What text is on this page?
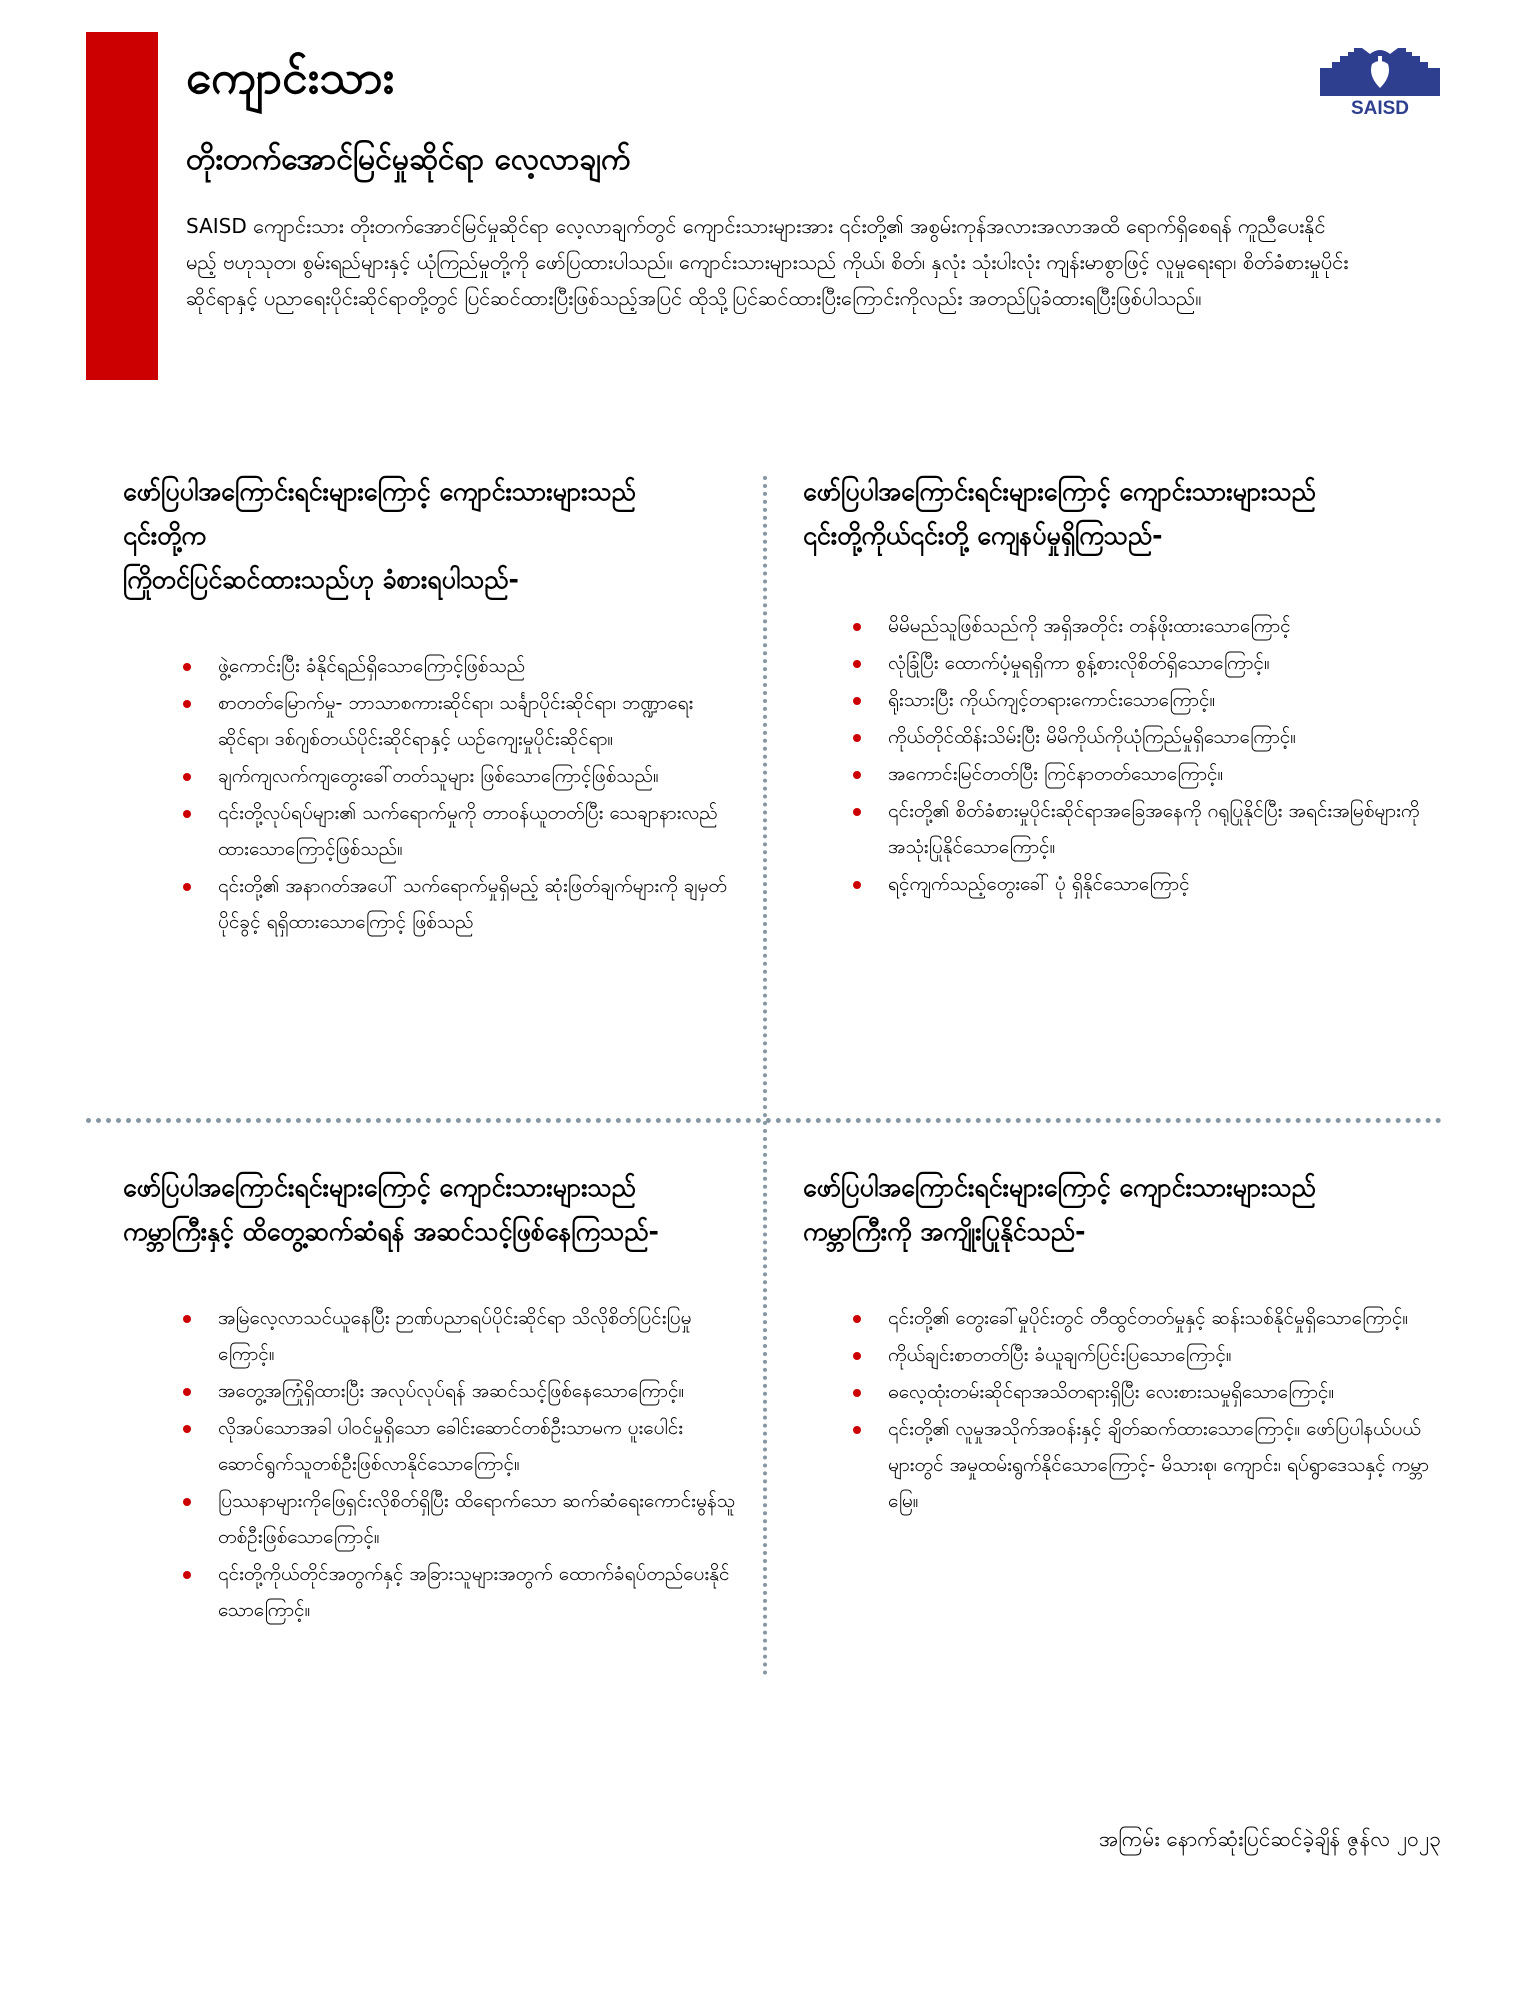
SAISD
ကျောင်းသား
တိုးတက်အောင်မြင်မှုဆိုင်ရာ လေ့လာချက်

SAISD ကျောင်းသား တိုးတက်အောင်မြင်မှုဆိုင်ရာ လေ့လာချက်တွင် ကျောင်းသားများအား ၎င်းတို့၏ အစွမ်းကုန်အလားအလာအထိ ရောက်ရှိစေရန် ကူညီပေးနိုင်မည့် ဗဟုသုတ၊ စွမ်းရည်များနှင့် ယုံကြည်မှုတို့ကို ဖော်ပြထားပါသည်။ ကျောင်းသားများသည် ကိုယ်၊ စိတ်၊ နှလုံး သုံးပါးလုံး ကျန်းမာစွာဖြင့် လူမှုရေးရာ၊ စိတ်ခံစားမှုပိုင်းဆိုင်ရာနှင့် ပညာရေးပိုင်းဆိုင်ရာတို့တွင် ပြင်ဆင်ထားပြီးဖြစ်သည့်အပြင် ထိုသို့ပြင်ဆင်ထားပြီးကြောင်းကိုလည်း အတည်ပြုခံထားရပြီးဖြစ်ပါသည်။

ဖော်ပြပါအကြောင်းရင်းများကြောင့် ကျောင်းသားများသည်
၎င်းတို့က
ကြိုတင်ပြင်ဆင်ထားသည်ဟု ခံစားရပါသည်-
ဖွဲ့ကောင်းပြီး ခံနိုင်ရည်ရှိသောကြောင့်ဖြစ်သည်
စာတတ်မြောက်မှု- ဘာသာစကားဆိုင်ရာ၊ သင်္ချာပိုင်းဆိုင်ရာ၊ ဘဏ္ဍာရေးဆိုင်ရာ၊ ဒစ်ဂျစ်တယ်ပိုင်းဆိုင်ရာနှင့် ယဉ်ကျေးမှုပိုင်းဆိုင်ရာ။
ချက်ကျလက်ကျတွေးခေါ်တတ်သူများ ဖြစ်သောကြောင့်ဖြစ်သည်။
၎င်းတို့လုပ်ရပ်များ၏ သက်ရောက်မှုကို တာဝန်ယူတတ်ပြီး သေချာနားလည်ထားသောကြောင့်ဖြစ်သည်။
၎င်းတို့၏ အနာဂတ်အပေါ် သက်ရောက်မှုရှိမည့် ဆုံးဖြတ်ချက်များကို ချမှတ်ပိုင်ခွင့် ရရှိထားသောကြောင့် ဖြစ်သည်
ဖော်ပြပါအကြောင်းရင်းများကြောင့် ကျောင်းသားများသည်
၎င်းတို့ကိုယ်၎င်းတို့ ကျေနပ်မှုရှိကြသည်-
မိမိမည်သူဖြစ်သည်ကို အရှိအတိုင်း တန်ဖိုးထားသောကြောင့်
လုံခြုံပြီး ထောက်ပံ့မှုရရှိကာ စွန့်စားလိုစိတ်ရှိသောကြောင့်။
ရိုးသားပြီး ကိုယ်ကျင့်တရားကောင်းသောကြောင့်။
ကိုယ်တိုင်ထိန်းသိမ်းပြီး မိမိကိုယ်ကိုယုံကြည်မှုရှိသောကြောင့်။
အကောင်းမြင်တတ်ပြီး ကြင်နာတတ်သောကြောင့်။
၎င်းတို့၏ စိတ်ခံစားမှုပိုင်းဆိုင်ရာအခြေအနေကို ဂရုပြုနိုင်ပြီး အရင်းအမြစ်များကို အသုံးပြုနိုင်သောကြောင့်။
ရင့်ကျက်သည့်တွေးခေါ် ပုံ ရှိနိုင်သောကြောင့်
ဖော်ပြပါအကြောင်းရင်းများကြောင့် ကျောင်းသားများသည်
ကမ္ဘာကြီးနှင့် ထိတွေ့ဆက်ဆံရန် အဆင်သင့်ဖြစ်နေကြသည်-
အမြဲလေ့လာသင်ယူနေပြီး ဉာဏ်ပညာရပ်ပိုင်းဆိုင်ရာ သိလိုစိတ်ပြင်းပြမှုကြောင့်။
အတွေ့အကြုံရှိထားပြီး အလုပ်လုပ်ရန် အဆင်သင့်ဖြစ်နေသောကြောင့်။
လိုအပ်သောအခါ ပါဝင်မှုရှိသော ခေါင်းဆောင်တစ်ဦးသာမက ပူးပေါင်းဆောင်ရွက်သူတစ်ဦးဖြစ်လာနိုင်သောကြောင့်။
ပြဿနာများကိုဖြေရှင်းလိုစိတ်ရှိပြီး ထိရောက်သော ဆက်ဆံရေးကောင်းမွန်သူတစ်ဦးဖြစ်သောကြောင့်။
၎င်းတို့ကိုယ်တိုင်အတွက်နှင့် အခြားသူများအတွက် ထောက်ခံရပ်တည်ပေးနိုင်သောကြောင့်။
ဖော်ပြပါအကြောင်းရင်းများကြောင့် ကျောင်းသားများသည်
ကမ္ဘာကြီးကို အကျိုးပြုနိုင်သည်-
၎င်းတို့၏ တွေးခေါ်မှုပိုင်းတွင် တီထွင်တတ်မှုနှင့် ဆန်းသစ်နိုင်မှုရှိသောကြောင့်။
ကိုယ်ချင်းစာတတ်ပြီး ခံယူချက်ပြင်းပြသောကြောင့်။
ဓလေ့ထုံးတမ်းဆိုင်ရာအသိတရားရှိပြီး လေးစားသမှုရှိသောကြောင့်။
၎င်းတို့၏ လူမှုအသိုက်အဝန်းနှင့် ချိတ်ဆက်ထားသောကြောင့်။ ဖော်ပြပါနယ်ပယ်များတွင် အမှုထမ်းရွက်နိုင်သောကြောင့်- မိသားစု၊ ကျောင်း၊ ရပ်ရွာဒေသနှင့် ကမ္ဘာမြေ။

အကြမ်း နောက်ဆုံးပြင်ဆင်ခဲ့ချိန် ဇွန်လ ၂၀၂၃
